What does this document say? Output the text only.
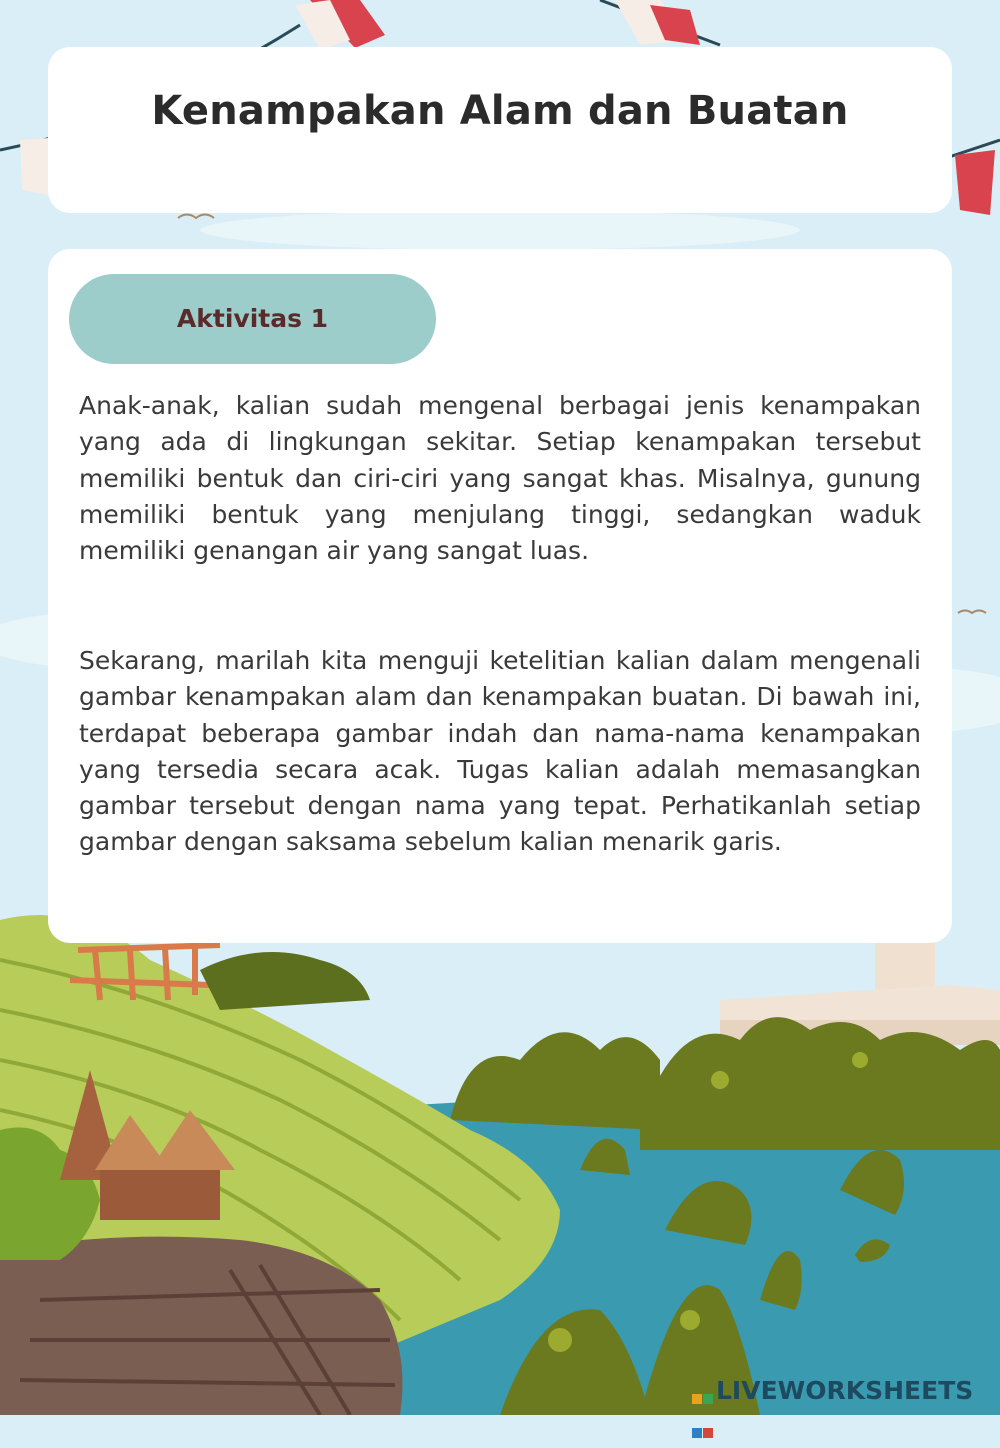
Kenampakan Alam dan Buatan
Aktivitas 1

Anak-anak, kalian sudah mengenal berbagai jenis kenampakan yang ada di lingkungan sekitar. Setiap kenampakan tersebut memiliki bentuk dan ciri-ciri yang sangat khas. Misalnya, gunung memiliki bentuk yang menjulang tinggi, sedangkan waduk memiliki genangan air yang sangat luas.

Sekarang, marilah kita menguji ketelitian kalian dalam mengenali gambar kenampakan alam dan kenampakan buatan. Di bawah ini, terdapat beberapa gambar indah dan nama-nama kenampakan yang tersedia secara acak. Tugas kalian adalah memasangkan gambar tersebut dengan nama yang tepat. Perhatikanlah setiap gambar dengan saksama sebelum kalian menarik garis.

LIVEWORKSHEETS
